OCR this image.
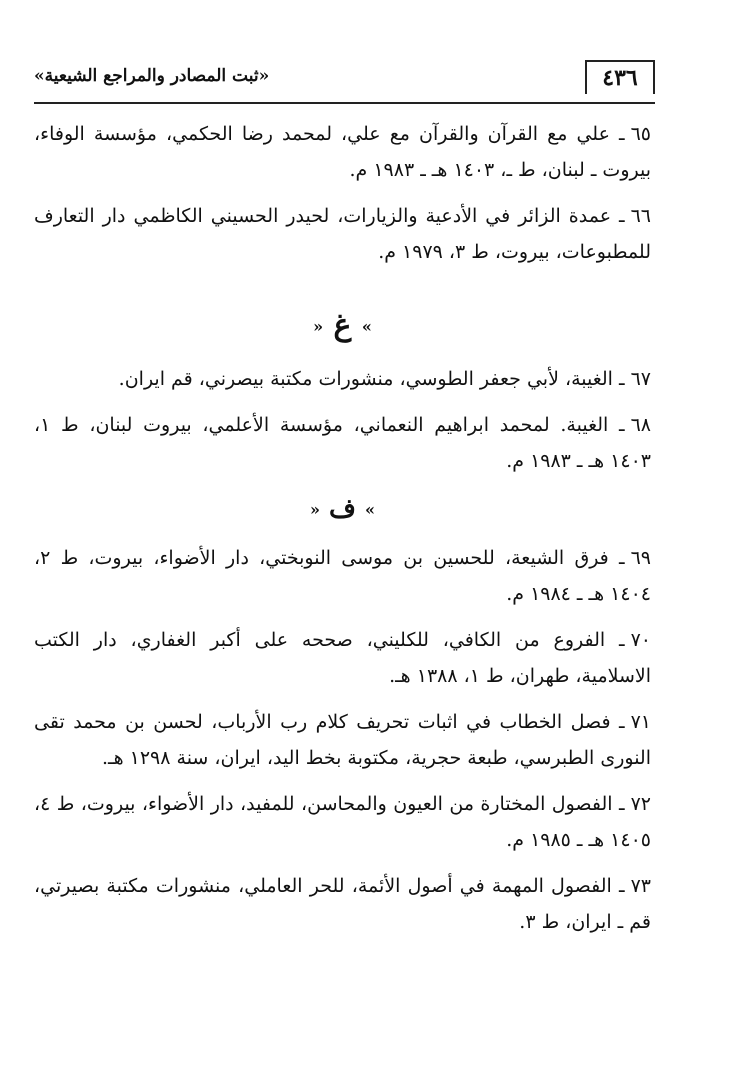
٤٣٦
«ثبت المصادر والمراجع الشيعية»
٦٥ـ علي مع القرآن والقرآن مع علي، لمحمد رضا الحكمي، مؤسسة الوفاء، بيروت ـ لبنان، ط ـ، ١٤٠٣ هـ ـ ١٩٨٣ م.
٦٦ـ عمدة الزائر في الأدعية والزيارات، لحيدر الحسيني الكاظمي دار التعارف للمطبوعات، بيروت، ط ٣، ١٩٧٩ م.
» غ «
٦٧ـ الغيبة، لأبي جعفر الطوسي، منشورات مكتبة بيصرني، قم ايران.
٦٨ـ الغيبة. لمحمد ابراهيم النعماني، مؤسسة الأعلمي، بيروت لبنان، ط ١، ١٤٠٣ هـ ـ ١٩٨٣ م.
» ف «
٦٩ـ فرق الشيعة، للحسين بن موسى النوبختي، دار الأضواء، بيروت، ط ٢، ١٤٠٤ هـ ـ ١٩٨٤ م.
٧٠ـ الفروع من الكافي، للكليني، صححه على أكبر الغفاري، دار الكتب الاسلامية، طهران، ط ١، ١٣٨٨ هـ.
٧١ـ فصل الخطاب في اثبات تحريف كلام رب الأرباب، لحسن بن محمد تقى النورى الطبرسي، طبعة حجرية، مكتوبة بخط اليد، ايران، سنة ١٢٩٨ هـ.
٧٢ـ الفصول المختارة من العيون والمحاسن، للمفيد، دار الأضواء، بيروت، ط ٤، ١٤٠٥ هـ ـ ١٩٨٥ م.
٧٣ـ الفصول المهمة في أصول الأئمة، للحر العاملي، منشورات مكتبة بصيرتي، قم ـ ايران، ط ٣.
